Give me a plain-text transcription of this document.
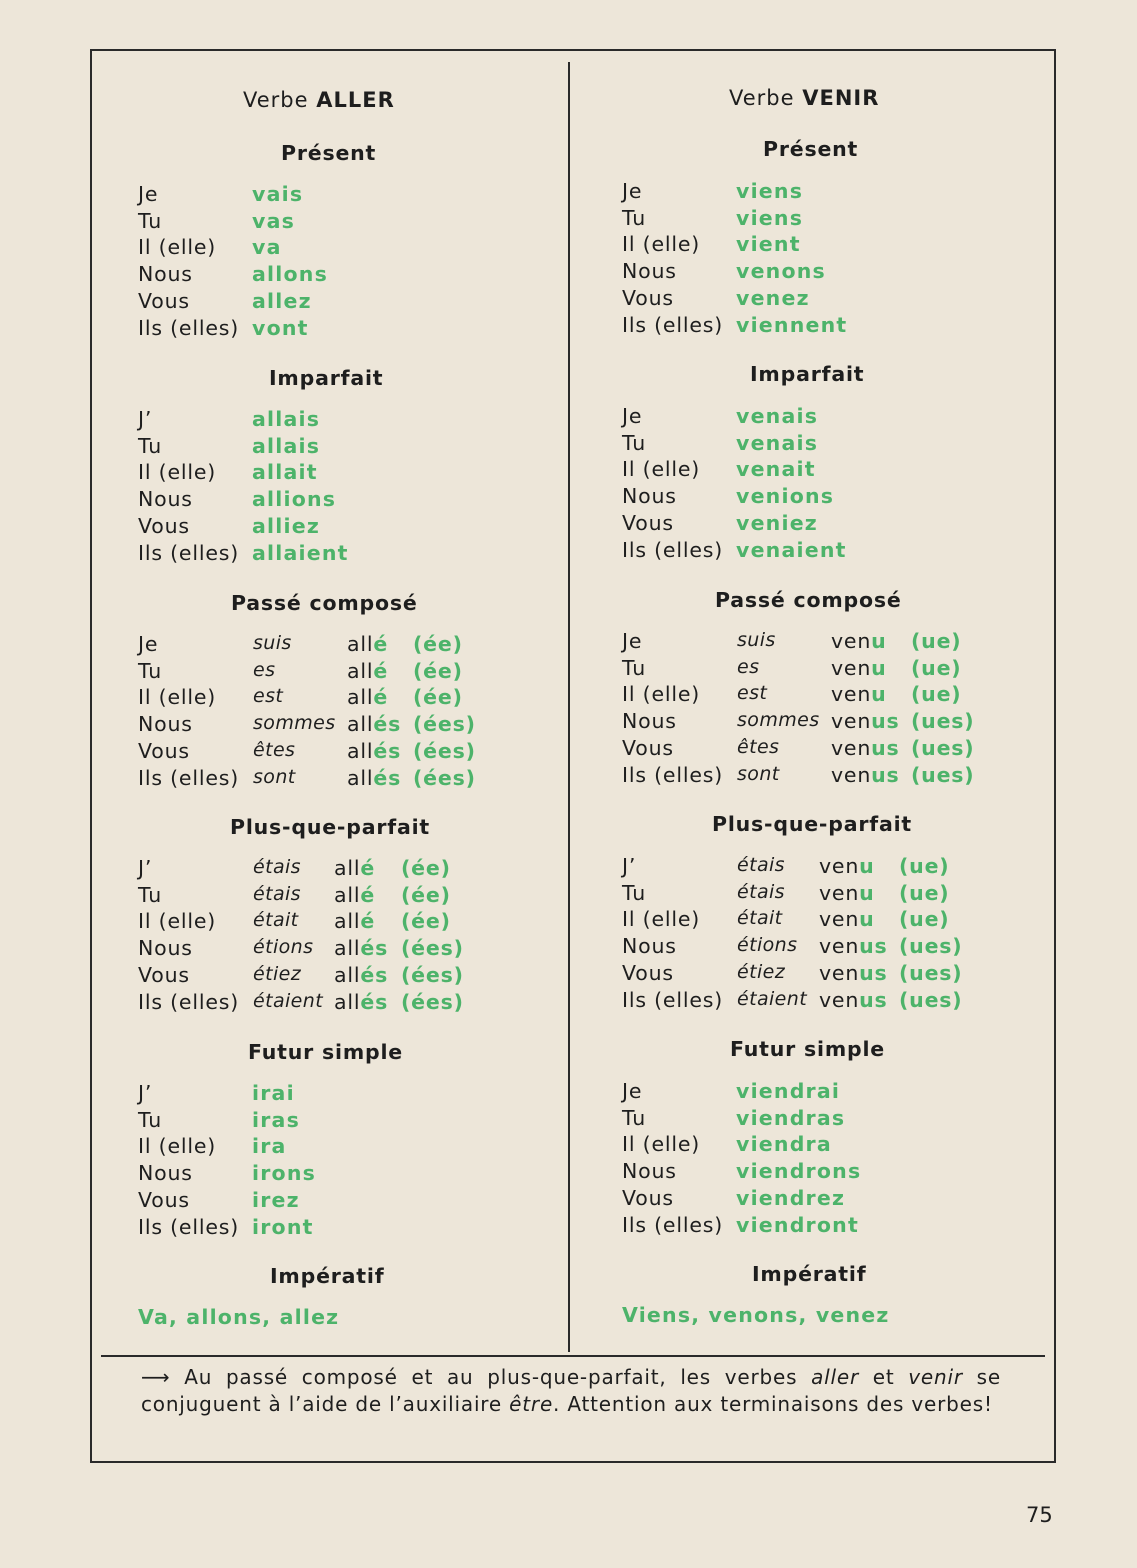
Verbe ALLER
Présent
Je	vais
Tu	vas
Il (elle) va
Nous	allons
Vous	allez
Ils (elles) vont
Imparfait
J’	allais
Tu	allais
Il (elle) allait
Nous	allions
Vous	alliez
Ils (elles) allaient
Passé composé
Je	suis	allé (ée)
Tu	es	allé (ée)
Il (elle) est	allé (ée)
Nous	sommes allés (ées)
Vous	êtes	allés (ées)
Ils (elles) sont	allés (ées)
Plus-que-parfait
J’	étais allé (ée)
Tu	étais allé (ée)
Il (elle) était allé (ée)
Nous	étions allés (ées)
Vous	étiez allés (ées)
Ils (elles) étaient allés (ées)
Futur simple
J’	irai
Tu	iras
Il (elle) ira
Nous	irons
Vous	irez
Ils (elles) iront
Impératif
Va, allons, allez
Verbe VENIR
Présent
Je	viens
Tu	viens
Il (elle) vient
Nous	venons
Vous	venez
Ils (elles) viennent
Imparfait
Je	venais
Tu	venais
Il (elle) venait
Nous	venions
Vous	veniez
Ils (elles) venaient
Passé composé
Je	suis	venu (ue)
Tu	es	venu (ue)
Il (elle) est	venu (ue)
Nous	sommes venus (ues)
Vous	êtes	venus (ues)
Ils (elles) sont	venus (ues)
Plus-que-parfait
J’	étais venu (ue)
Tu	étais venu (ue)
Il (elle) était venu (ue)
Nous	étions venus (ues)
Vous	étiez venus (ues)
Ils (elles) étaient venus (ues)
Futur simple
Je	viendrai
Tu	viendras
Il (elle) viendra
Nous	viendrons
Vous	viendrez
Ils (elles) viendront
Impératif
Viens, venons, venez
⟶ Au passé composé et au plus-que-parfait, les verbes aller et venir se conjuguent à l’aide de l’auxiliaire être. Attention aux terminaisons des verbes!
75
